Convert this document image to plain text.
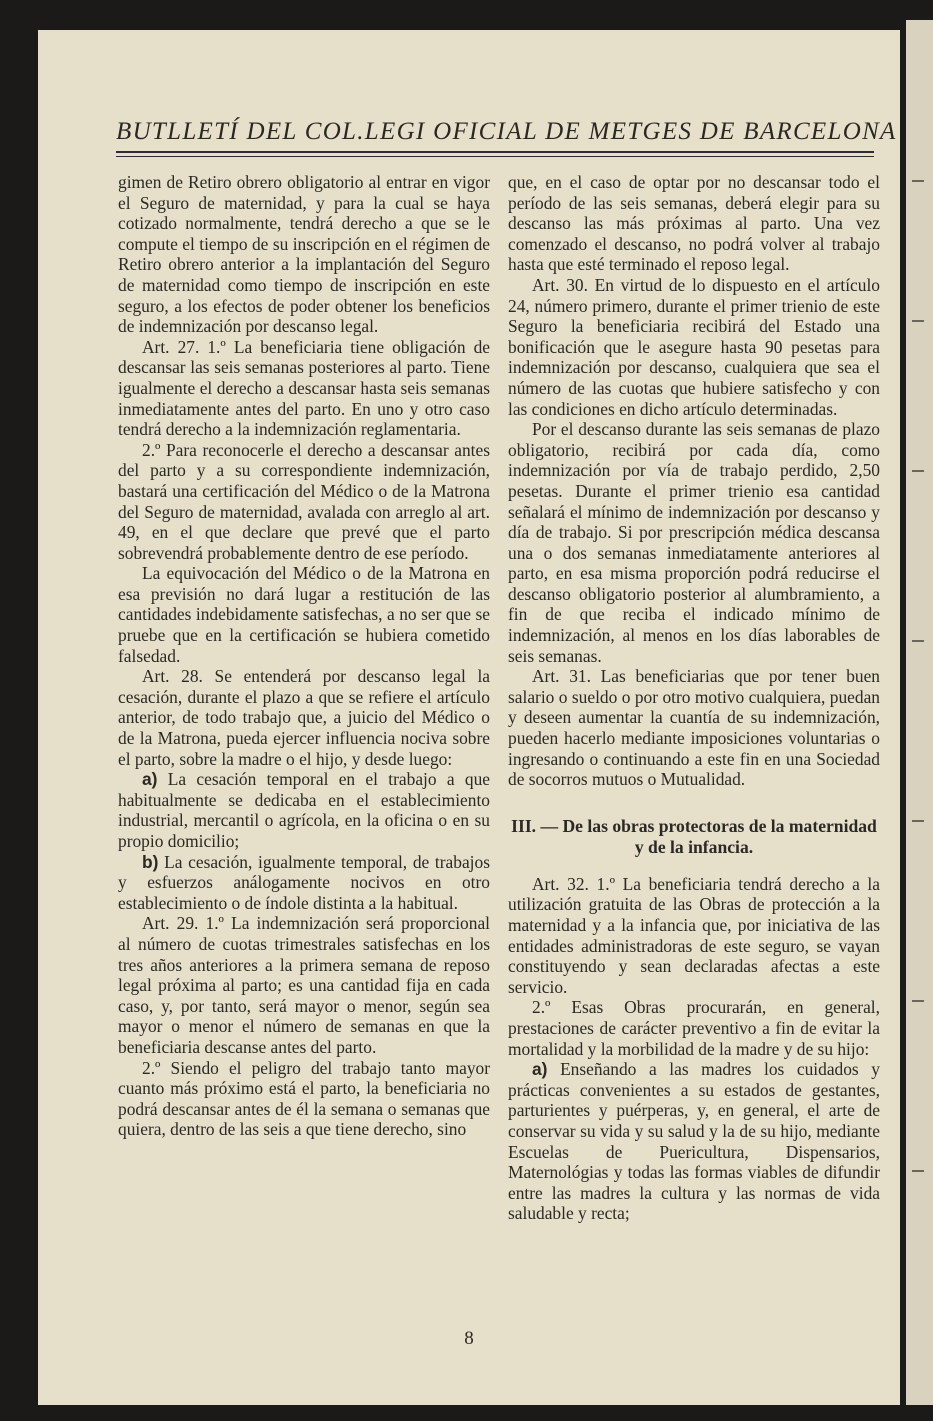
BUTLLETÍ DEL COL.LEGI OFICIAL DE METGES DE BARCELONA

gimen de Retiro obrero obligatorio al entrar en vigor el Seguro de maternidad, y para la cual se haya cotizado normalmente, tendrá derecho a que se le compute el tiempo de su inscripción en el régimen de Retiro obrero anterior a la implantación del Seguro de maternidad como tiempo de inscripción en este seguro, a los efectos de poder obtener los beneficios de indemnización por descanso legal.

Art. 27. 1.º La beneficiaria tiene obligación de descansar las seis semanas posteriores al parto. Tiene igualmente el derecho a descansar hasta seis semanas inmediatamente antes del parto. En uno y otro caso tendrá derecho a la indemnización reglamentaria.

2.º Para reconocerle el derecho a descansar antes del parto y a su correspondiente indemnización, bastará una certificación del Médico o de la Matrona del Seguro de maternidad, avalada con arreglo al art. 49, en el que declare que prevé que el parto sobrevendrá probablemente dentro de ese período.

La equivocación del Médico o de la Matrona en esa previsión no dará lugar a restitución de las cantidades indebidamente satisfechas, a no ser que se pruebe que en la certificación se hubiera cometido falsedad.

Art. 28. Se entenderá por descanso legal la cesación, durante el plazo a que se refiere el artículo anterior, de todo trabajo que, a juicio del Médico o de la Matrona, pueda ejercer influencia nociva sobre el parto, sobre la madre o el hijo, y desde luego:

a) La cesación temporal en el trabajo a que habitualmente se dedicaba en el establecimiento industrial, mercantil o agrícola, en la oficina o en su propio domicilio;

b) La cesación, igualmente temporal, de trabajos y esfuerzos análogamente nocivos en otro establecimiento o de índole distinta a la habitual.

Art. 29. 1.º La indemnización será proporcional al número de cuotas trimestrales satisfechas en los tres años anteriores a la primera semana de reposo legal próxima al parto; es una cantidad fija en cada caso, y, por tanto, será mayor o menor, según sea mayor o menor el número de semanas en que la beneficiaria descanse antes del parto.

2.º Siendo el peligro del trabajo tanto mayor cuanto más próximo está el parto, la beneficiaria no podrá descansar antes de él la semana o semanas que quiera, dentro de las seis a que tiene derecho, sino

que, en el caso de optar por no descansar todo el período de las seis semanas, deberá elegir para su descanso las más próximas al parto. Una vez comenzado el descanso, no podrá volver al trabajo hasta que esté terminado el reposo legal.

Art. 30. En virtud de lo dispuesto en el artículo 24, número primero, durante el primer trienio de este Seguro la beneficiaria recibirá del Estado una bonificación que le asegure hasta 90 pesetas para indemnización por descanso, cualquiera que sea el número de las cuotas que hubiere satisfecho y con las condiciones en dicho artículo determinadas.

Por el descanso durante las seis semanas de plazo obligatorio, recibirá por cada día, como indemnización por vía de trabajo perdido, 2,50 pesetas. Durante el primer trienio esa cantidad señalará el mínimo de indemnización por descanso y día de trabajo. Si por prescripción médica descansa una o dos semanas inmediatamente anteriores al parto, en esa misma proporción podrá reducirse el descanso obligatorio posterior al alumbramiento, a fin de que reciba el indicado mínimo de indemnización, al menos en los días laborables de seis semanas.

Art. 31. Las beneficiarias que por tener buen salario o sueldo o por otro motivo cualquiera, puedan y deseen aumentar la cuantía de su indemnización, pueden hacerlo mediante imposiciones voluntarias o ingresando o continuando a este fin en una Sociedad de socorros mutuos o Mutualidad.

III. — De las obras protectoras de la maternidad y de la infancia.

Art. 32. 1.º La beneficiaria tendrá derecho a la utilización gratuita de las Obras de protección a la maternidad y a la infancia que, por iniciativa de las entidades administradoras de este seguro, se vayan constituyendo y sean declaradas afectas a este servicio.

2.º Esas Obras procurarán, en general, prestaciones de carácter preventivo a fin de evitar la mortalidad y la morbilidad de la madre y de su hijo:

a) Enseñando a las madres los cuidados y prácticas convenientes a su estados de gestantes, parturientes y puérperas, y, en general, el arte de conservar su vida y su salud y la de su hijo, mediante Escuelas de Puericultura, Dispensarios, Maternológias y todas las formas viables de difundir entre las madres la cultura y las normas de vida saludable y recta;

8
